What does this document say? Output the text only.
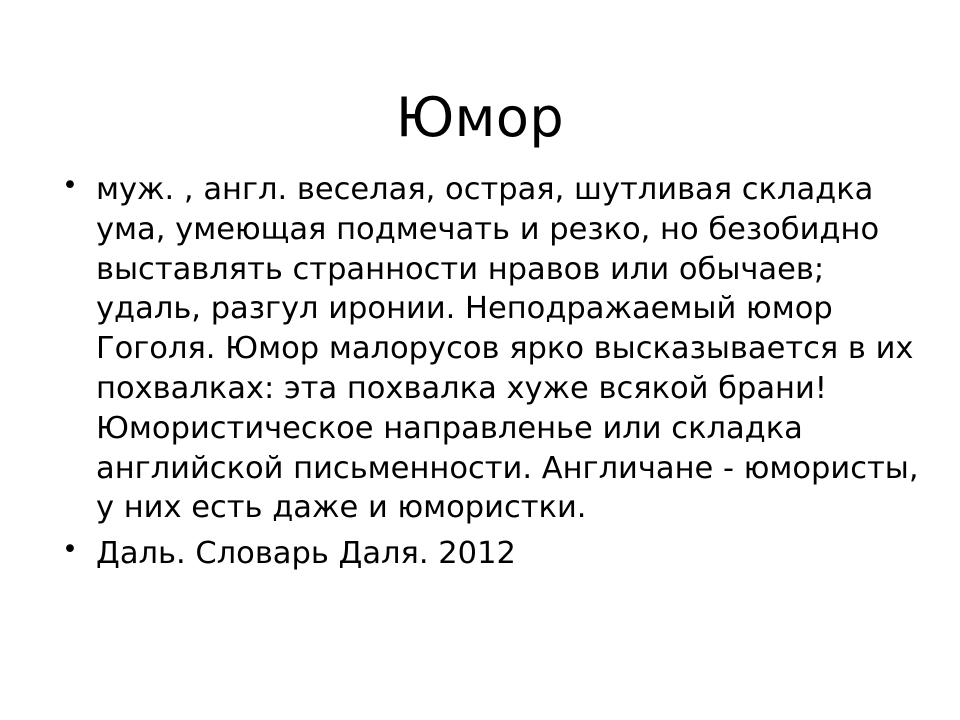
Юмор
• муж. , англ. веселая, острая, шутливая складка ума, умеющая подмечать и резко, но безобидно выставлять странности нравов или обычаев; удаль, разгул иронии. Неподражаемый юмор Гоголя. Юмор малорусов ярко высказывается в их похвалках: эта похвалка хуже всякой брани! Юмористическое направленье или складка английской письменности. Англичане - юмористы, у них есть даже и юмористки.
• Даль. Словарь Даля. 2012
